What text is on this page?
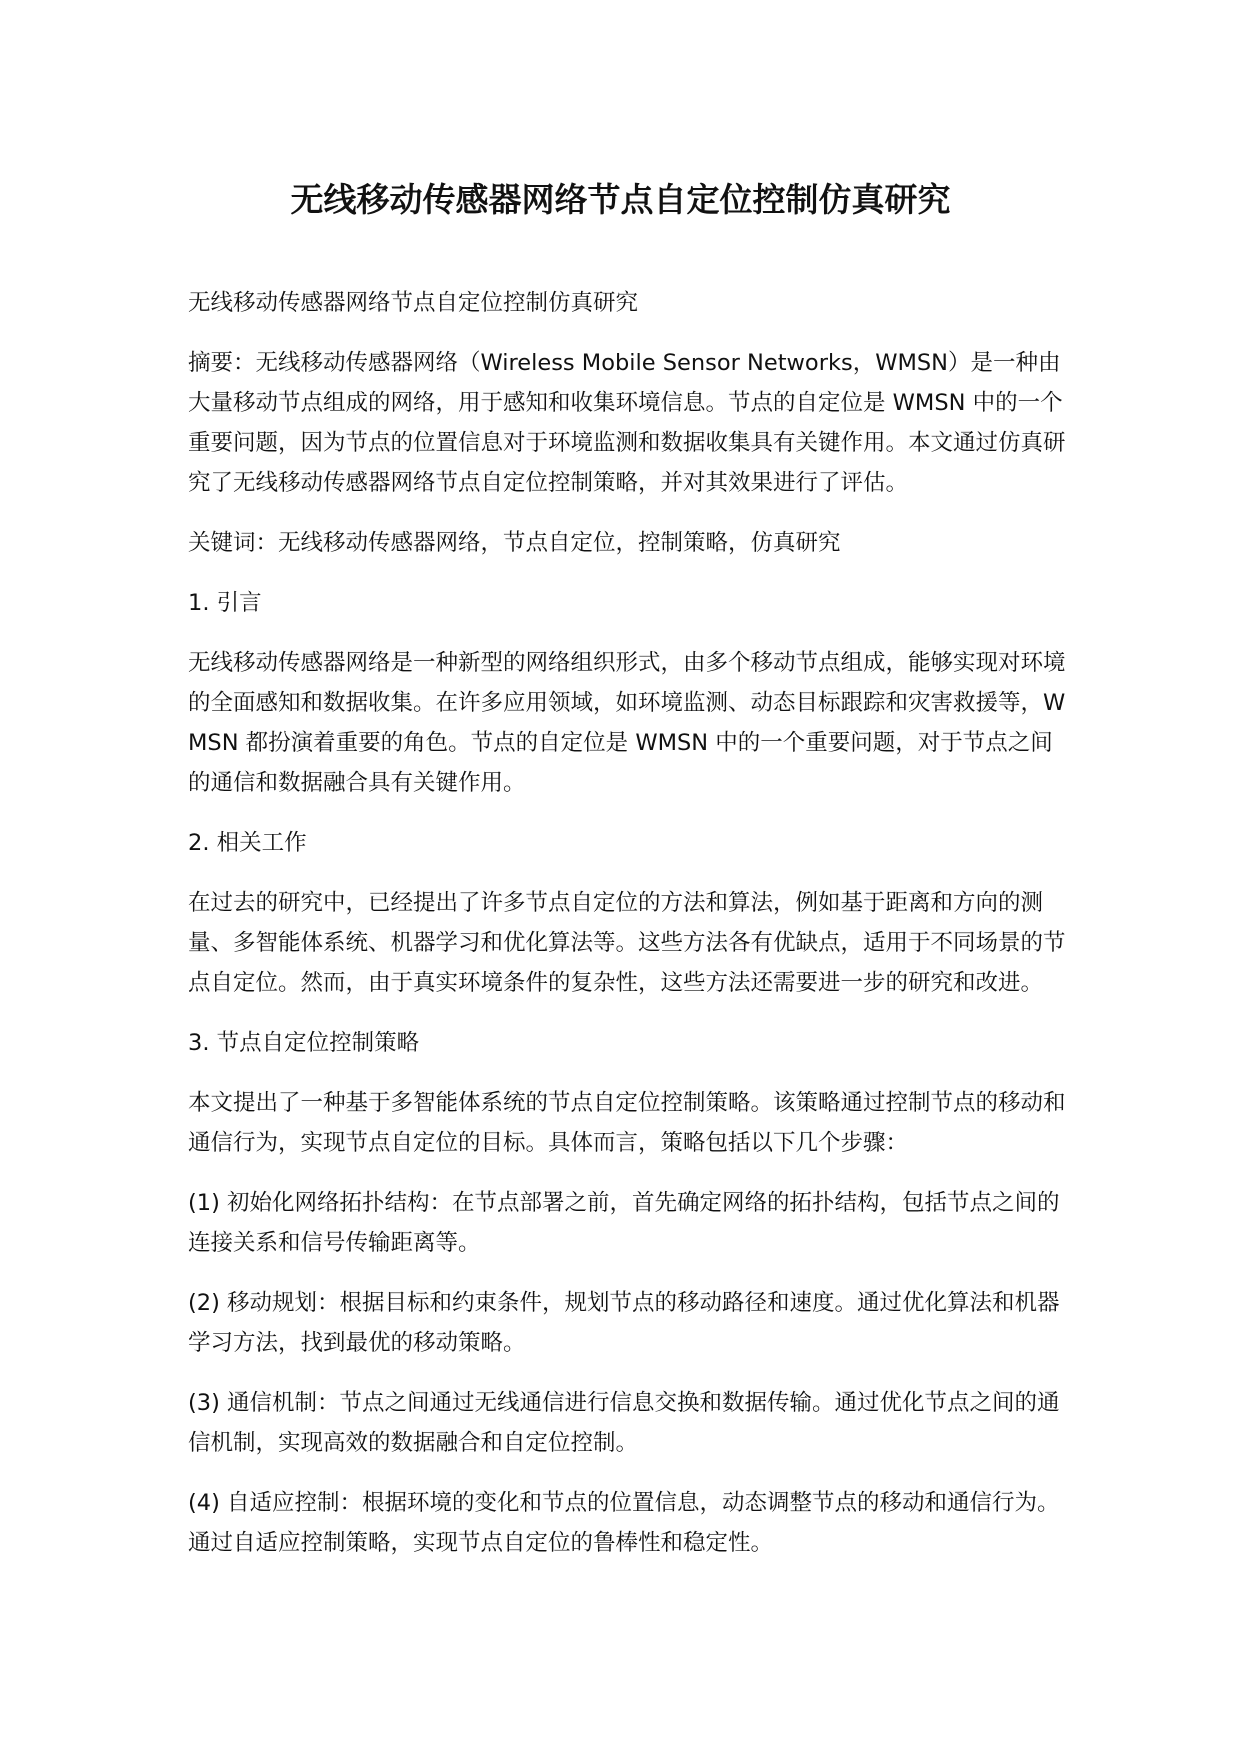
无线移动传感器网络节点自定位控制仿真研究

无线移动传感器网络节点自定位控制仿真研究

摘要：无线移动传感器网络（Wireless Mobile Sensor Networks，WMSN）是一种由大量移动节点组成的网络，用于感知和收集环境信息。节点的自定位是 WMSN 中的一个重要问题，因为节点的位置信息对于环境监测和数据收集具有关键作用。本文通过仿真研究了无线移动传感器网络节点自定位控制策略，并对其效果进行了评估。

关键词：无线移动传感器网络，节点自定位，控制策略，仿真研究

1. 引言

无线移动传感器网络是一种新型的网络组织形式，由多个移动节点组成，能够实现对环境的全面感知和数据收集。在许多应用领域，如环境监测、动态目标跟踪和灾害救援等，WMSN 都扮演着重要的角色。节点的自定位是 WMSN 中的一个重要问题，对于节点之间的通信和数据融合具有关键作用。

2. 相关工作

在过去的研究中，已经提出了许多节点自定位的方法和算法，例如基于距离和方向的测量、多智能体系统、机器学习和优化算法等。这些方法各有优缺点，适用于不同场景的节点自定位。然而，由于真实环境条件的复杂性，这些方法还需要进一步的研究和改进。

3. 节点自定位控制策略

本文提出了一种基于多智能体系统的节点自定位控制策略。该策略通过控制节点的移动和通信行为，实现节点自定位的目标。具体而言，策略包括以下几个步骤：

(1) 初始化网络拓扑结构：在节点部署之前，首先确定网络的拓扑结构，包括节点之间的连接关系和信号传输距离等。

(2) 移动规划：根据目标和约束条件，规划节点的移动路径和速度。通过优化算法和机器学习方法，找到最优的移动策略。

(3) 通信机制：节点之间通过无线通信进行信息交换和数据传输。通过优化节点之间的通信机制，实现高效的数据融合和自定位控制。

(4) 自适应控制：根据环境的变化和节点的位置信息，动态调整节点的移动和通信行为。通过自适应控制策略，实现节点自定位的鲁棒性和稳定性。
